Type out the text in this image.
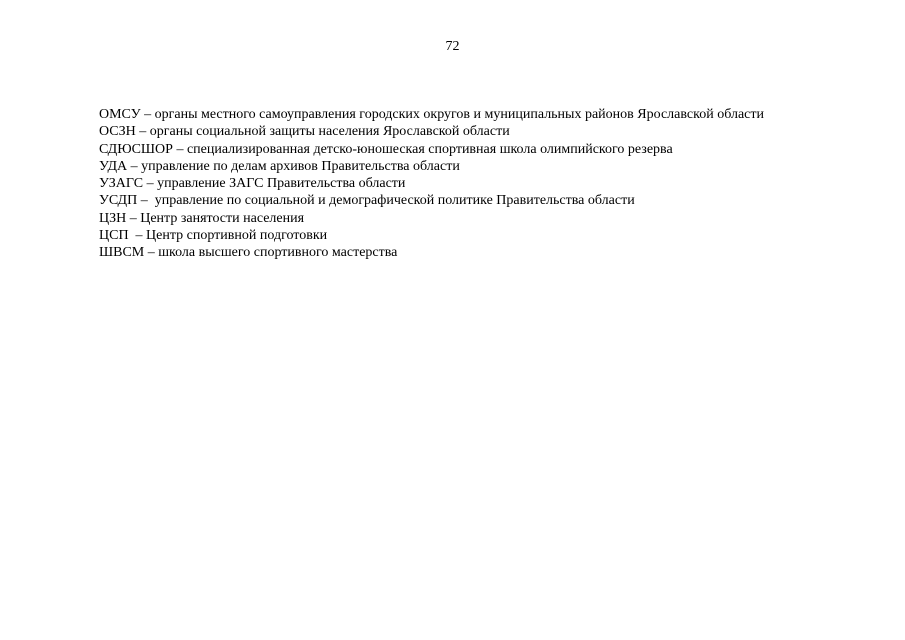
72
ОМСУ – органы местного самоуправления городских округов и муниципальных районов Ярославской области
ОСЗН – органы социальной защиты населения Ярославской области
СДЮСШОР – специализированная детско-юношеская спортивная школа олимпийского резерва
УДА – управление по делам архивов Правительства области
УЗАГС – управление ЗАГС Правительства области
УСДП –  управление по социальной и демографической политике Правительства области
ЦЗН – Центр занятости населения
ЦСП  – Центр спортивной подготовки
ШВСМ – школа высшего спортивного мастерства
